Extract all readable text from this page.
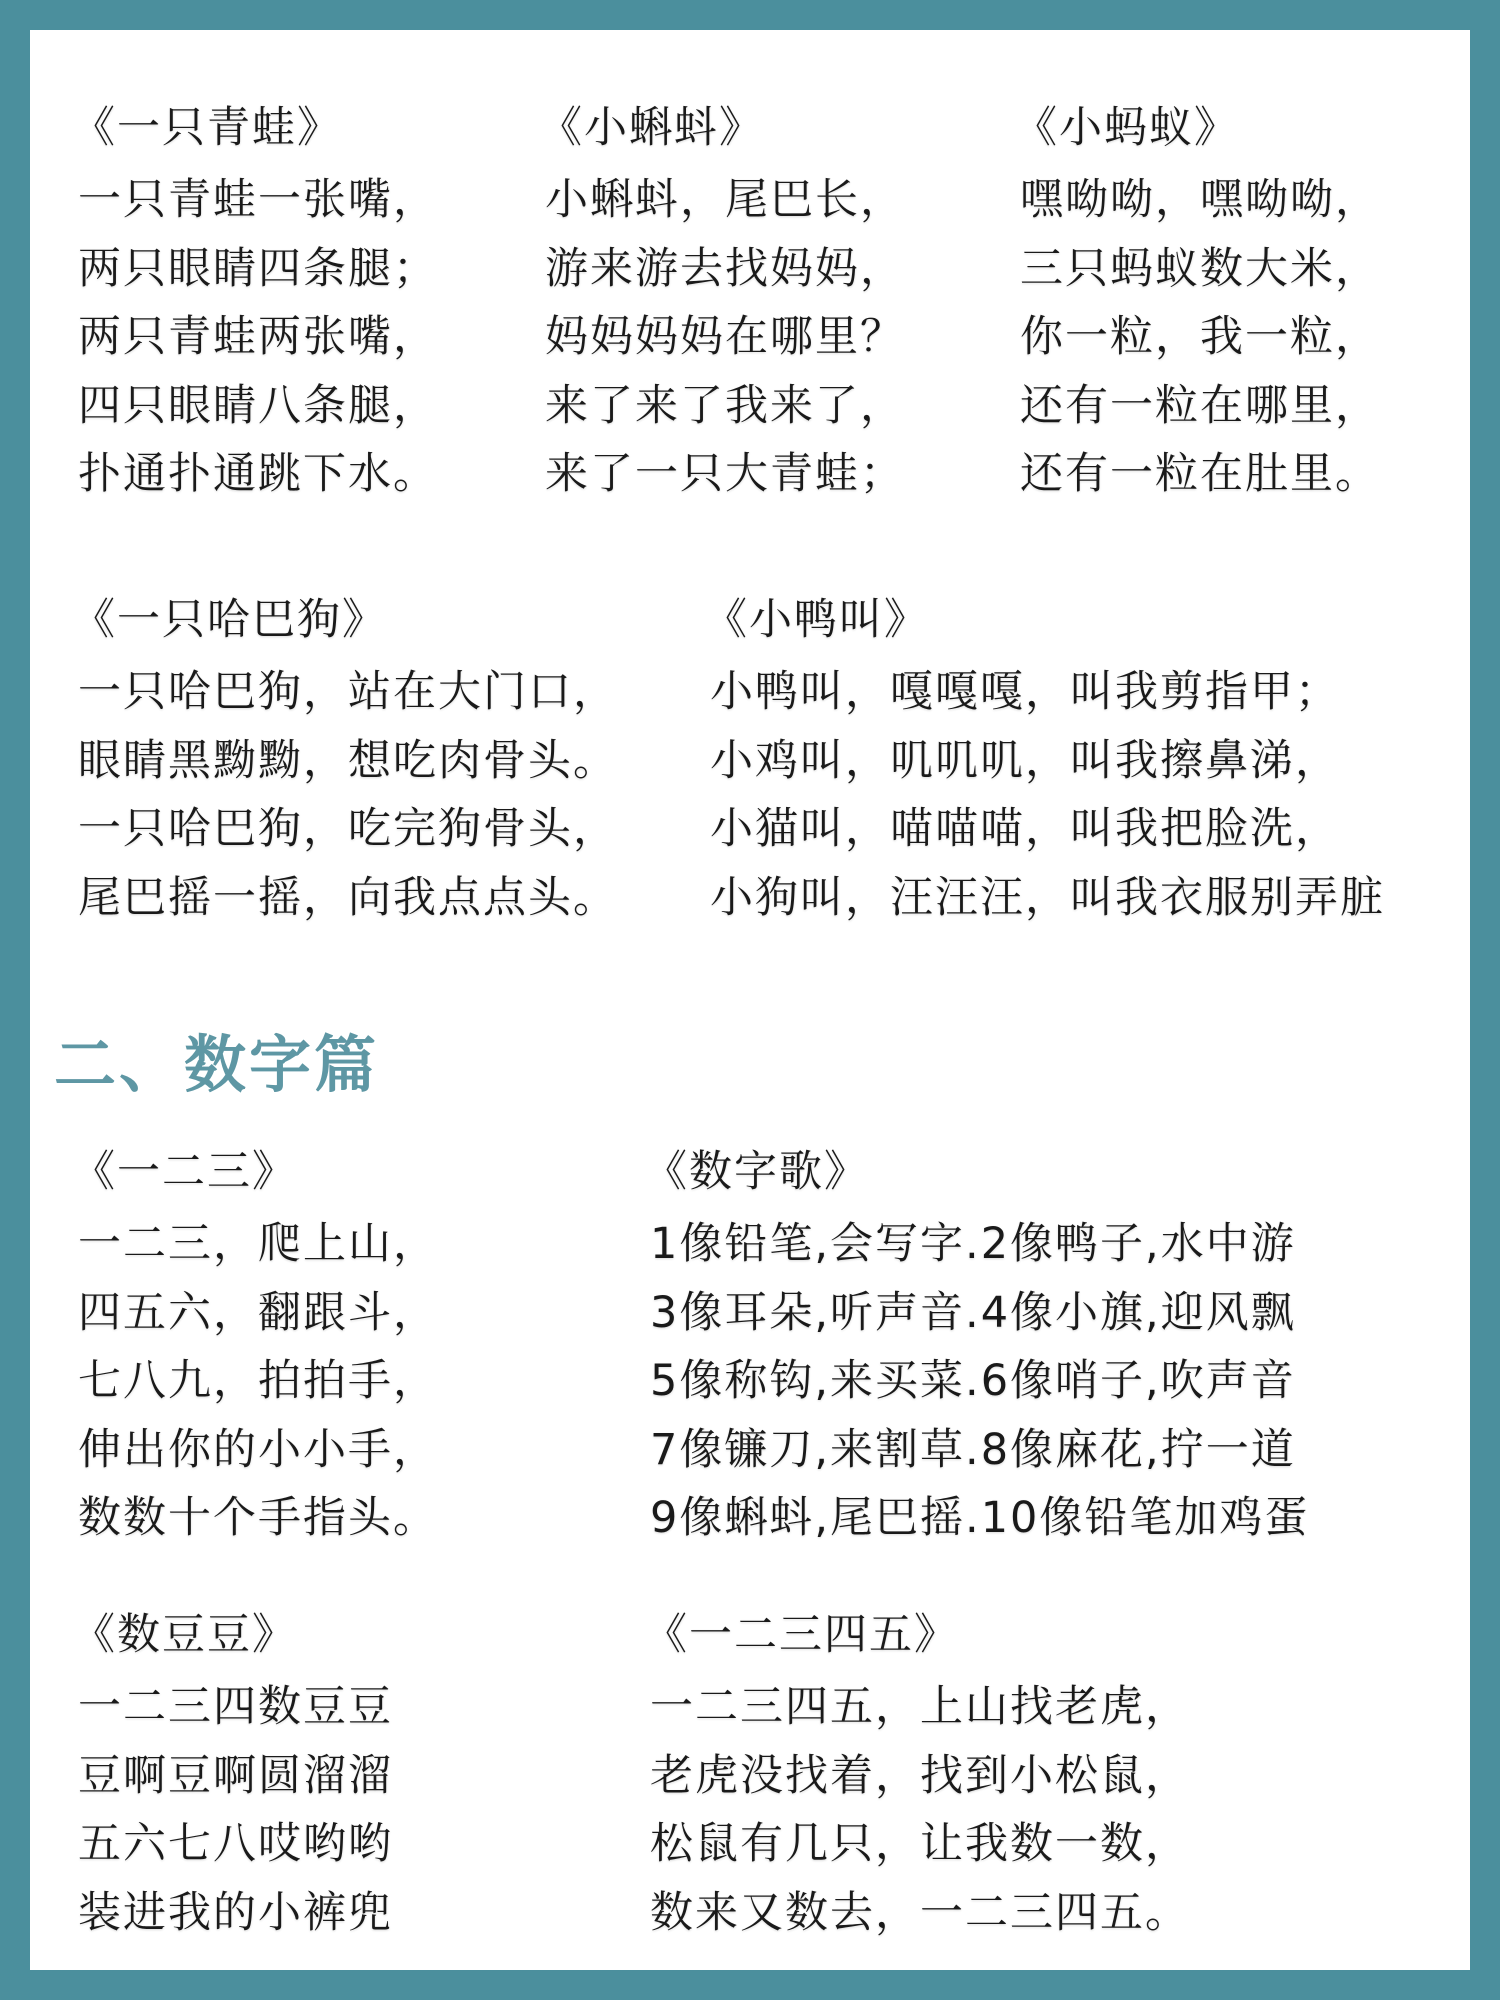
《一只青蛙》
一只青蛙一张嘴，
两只眼睛四条腿；
两只青蛙两张嘴，
四只眼睛八条腿，
扑通扑通跳下水。
《小蝌蚪》
小蝌蚪，尾巴长，
游来游去找妈妈，
妈妈妈妈在哪里？
来了来了我来了，
来了一只大青蛙；
《小蚂蚁》
嘿呦呦，嘿呦呦，
三只蚂蚁数大米，
你一粒，我一粒，
还有一粒在哪里，
还有一粒在肚里。
《一只哈巴狗》
一只哈巴狗，站在大门口，
眼睛黑黝黝，想吃肉骨头。
一只哈巴狗，吃完狗骨头，
尾巴摇一摇，向我点点头。
《小鸭叫》
小鸭叫，嘎嘎嘎，叫我剪指甲；
小鸡叫，叽叽叽，叫我擦鼻涕，
小猫叫，喵喵喵，叫我把脸洗，
小狗叫，汪汪汪，叫我衣服别弄脏
二、数字篇
《一二三》
一二三，爬上山，
四五六，翻跟斗，
七八九，拍拍手，
伸出你的小小手，
数数十个手指头。
《数字歌》
1像铅笔,会写字.2像鸭子,水中游
3像耳朵,听声音.4像小旗,迎风飘
5像称钩,来买菜.6像哨子,吹声音
7像镰刀,来割草.8像麻花,拧一道
9像蝌蚪,尾巴摇.10像铅笔加鸡蛋
《数豆豆》
一二三四数豆豆
豆啊豆啊圆溜溜
五六七八哎哟哟
装进我的小裤兜
《一二三四五》
一二三四五，上山找老虎，
老虎没找着，找到小松鼠，
松鼠有几只，让我数一数，
数来又数去，一二三四五。
